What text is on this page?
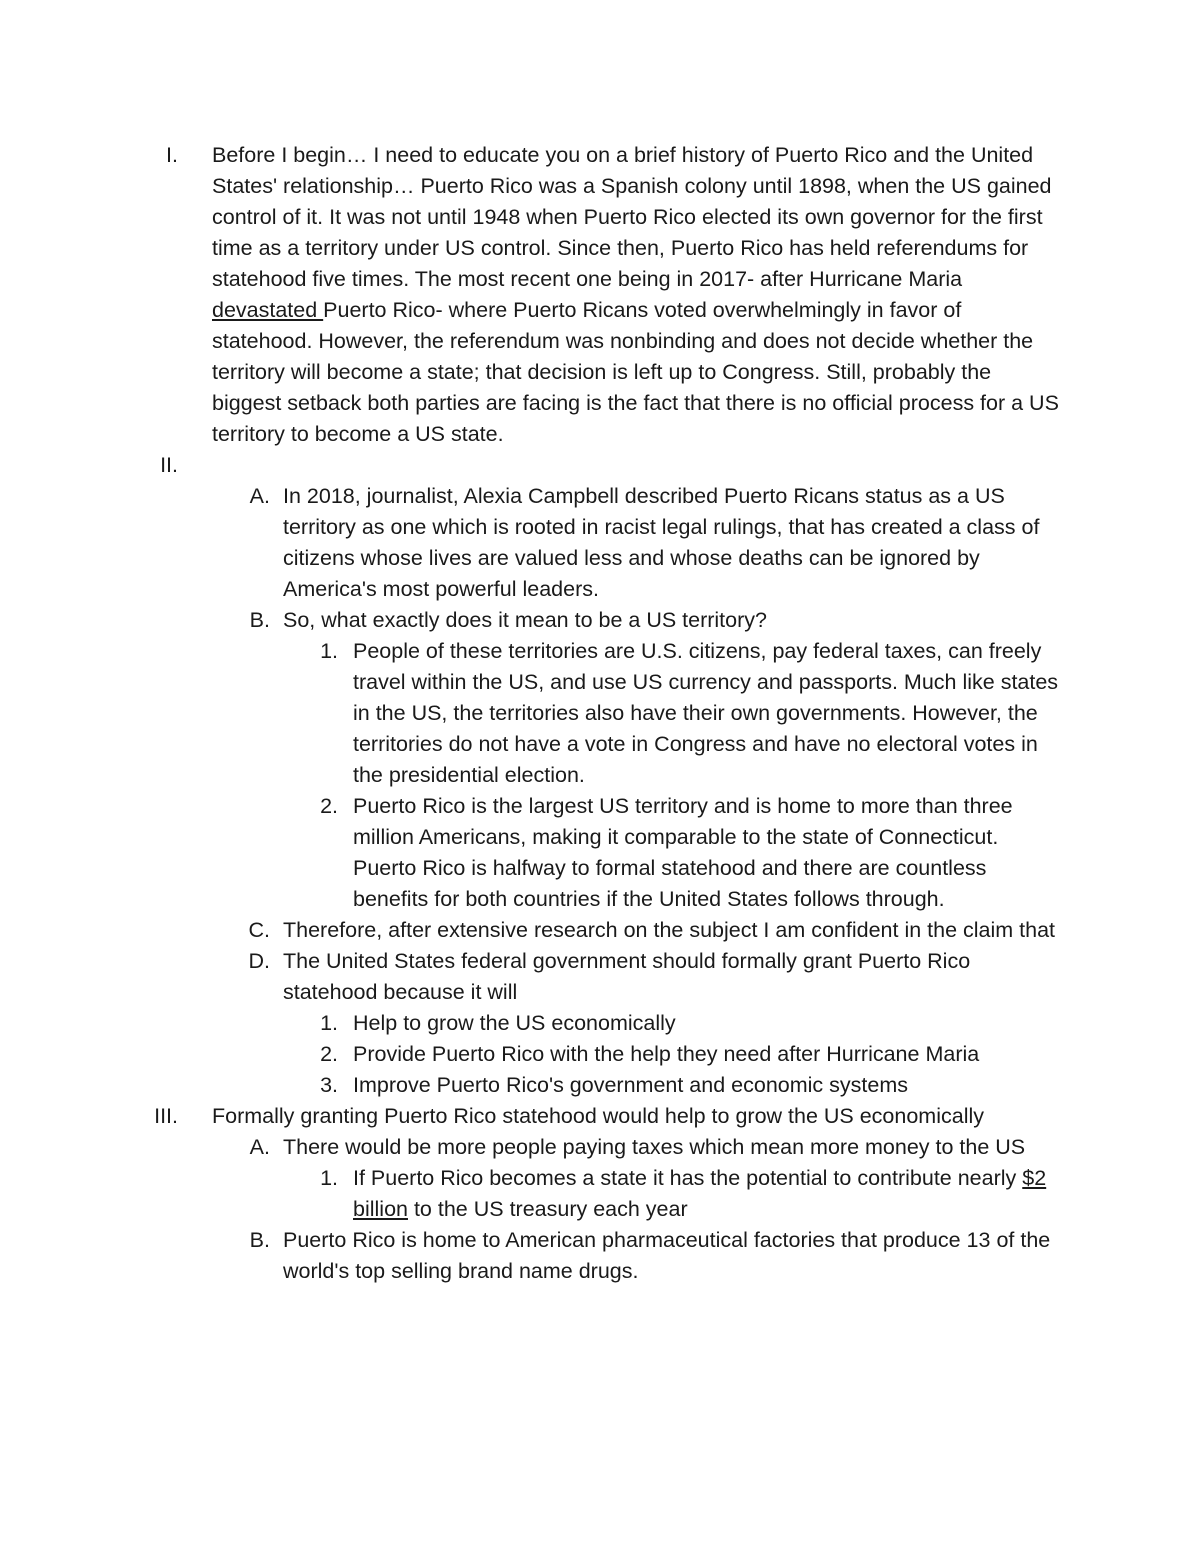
I. Before I begin… I need to educate you on a brief history of Puerto Rico and the United States' relationship… Puerto Rico was a Spanish colony until 1898, when the US gained control of it. It was not until 1948 when Puerto Rico elected its own governor for the first time as a territory under US control. Since then, Puerto Rico has held referendums for statehood five times. The most recent one being in 2017- after Hurricane Maria devastated Puerto Rico- where Puerto Ricans voted overwhelmingly in favor of statehood. However, the referendum was nonbinding and does not decide whether the territory will become a state; that decision is left up to Congress. Still, probably the biggest setback both parties are facing is the fact that there is no official process for a US territory to become a US state.
II.

A. In 2018, journalist, Alexia Campbell described Puerto Ricans status as a US territory as one which is rooted in racist legal rulings, that has created a class of citizens whose lives are valued less and whose deaths can be ignored by America's most powerful leaders.
B. So, what exactly does it mean to be a US territory?
1. People of these territories are U.S. citizens, pay federal taxes, can freely travel within the US, and use US currency and passports. Much like states in the US, the territories also have their own governments. However, the territories do not have a vote in Congress and have no electoral votes in the presidential election.
2. Puerto Rico is the largest US territory and is home to more than three million Americans, making it comparable to the state of Connecticut. Puerto Rico is halfway to formal statehood and there are countless benefits for both countries if the United States follows through.
C. Therefore, after extensive research on the subject I am confident in the claim that
D. The United States federal government should formally grant Puerto Rico statehood because it will
1. Help to grow the US economically
2. Provide Puerto Rico with the help they need after Hurricane Maria
3. Improve Puerto Rico's government and economic systems
III. Formally granting Puerto Rico statehood would help to grow the US economically
A. There would be more people paying taxes which mean more money to the US
1. If Puerto Rico becomes a state it has the potential to contribute nearly $2 billion to the US treasury each year
B. Puerto Rico is home to American pharmaceutical factories that produce 13 of the world's top selling brand name drugs.
